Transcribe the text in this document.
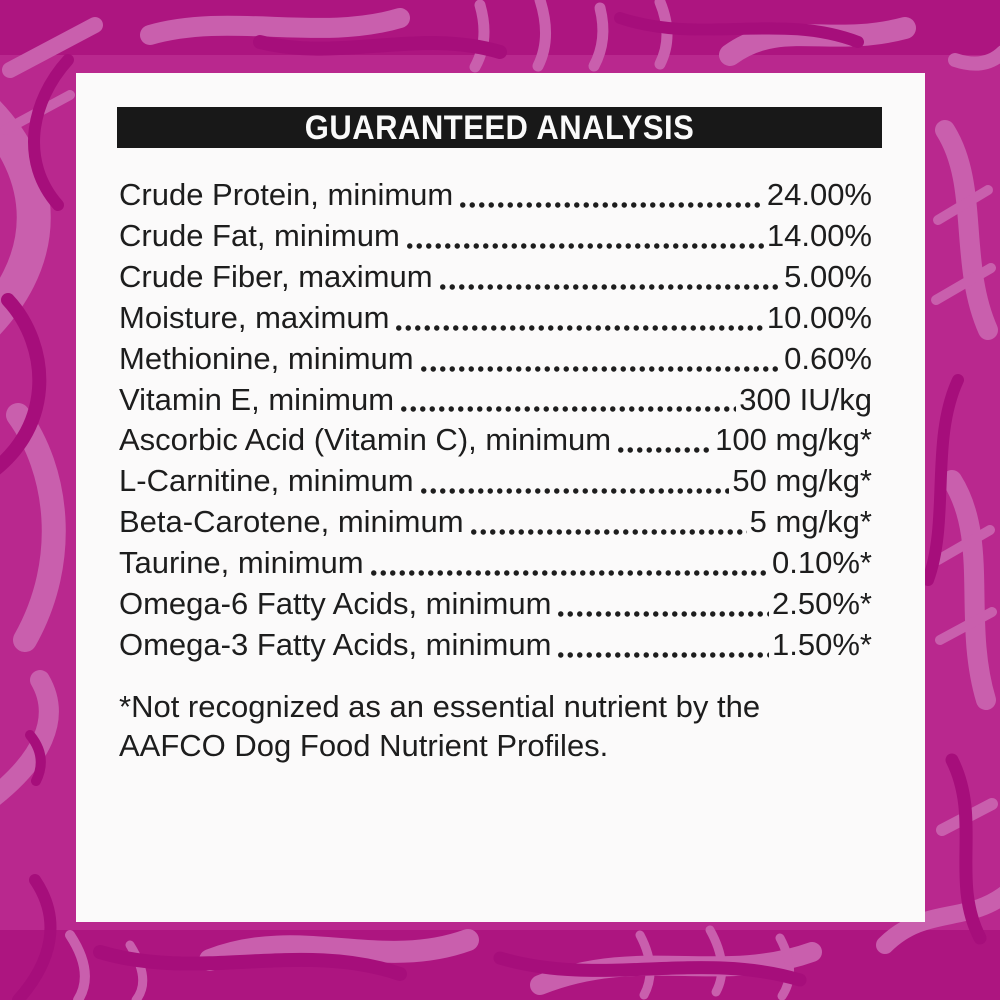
GUARANTEED ANALYSIS
Crude Protein, minimum	24.00%
Crude Fat, minimum	14.00%
Crude Fiber, maximum	5.00%
Moisture, maximum	10.00%
Methionine, minimum	0.60%
Vitamin E, minimum	300 IU/kg
Ascorbic Acid (Vitamin C), minimum	100 mg/kg*
L-Carnitine, minimum	50 mg/kg*
Beta-Carotene, minimum	5 mg/kg*
Taurine, minimum	0.10%*
Omega-6 Fatty Acids, minimum	2.50%*
Omega-3 Fatty Acids, minimum	1.50%*
*Not recognized as an essential nutrient by the
AAFCO Dog Food Nutrient Profiles.
